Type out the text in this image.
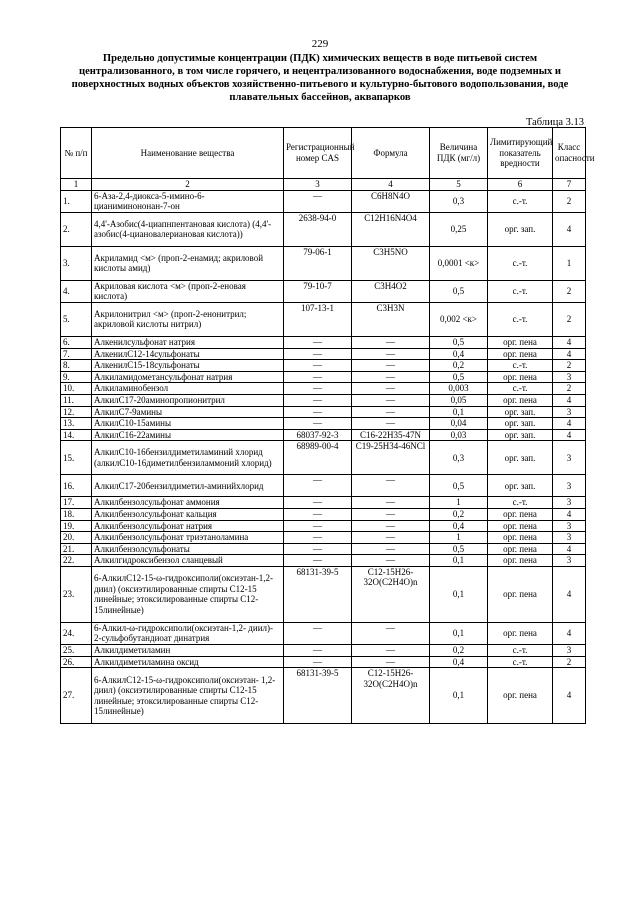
229
Предельно допустимые концентрации (ПДК) химических веществ в воде питьевой систем централизованного, в том числе горячего, и нецентрализованного водоснабжения, воде подземных и поверхностных водных объектов хозяйственно-питьевого и культурно-бытового водопользования, воде плавательных бассейнов, аквапарков
Таблица 3.13
№ п/п	Наименование вещества	Регистрационный номер CAS	Формула	Величина ПДК (мг/л)	Лимитирующий показатель вредности	Класс опасности
1	2	3	4	5	6	7
1.	6-Аза-2,4-диокса-5-имино-6-цианиминононан-7-он	—	C6H8N4O	0,3	с.-т.	2
2.	4,4'-Азобис(4-циапнпентановая кислота) (4,4'- азобис(4-циановалериановая кислота))	2638-94-0	C12H16N4O4	0,25	орг. зап.	4
3.	Акриламид <м> (проп-2-енамид; акриловой кислоты амид)	79-06-1	C3H5NO	0,0001 <к>	с.-т.	1
4.	Акриловая кислота <м> (проп-2-еновая кислота)	79-10-7	C3H4O2	0,5	с.-т.	2
5.	Акрилонитрил <м> (проп-2-енонитрил; акриловой кислоты нитрил)	107-13-1	C3H3N	0,002 <к>	с.-т.	2
6.	Алкенилсульфонат натрия	—	—	0,5	орг. пена	4
7.	АлкенилС12-14сульфонаты	—	—	0,4	орг. пена	4
8.	АлкенилС15-18сульфонаты	—	—	0,2	с.-т.	2
9.	Алкиламидометансульфонат натрия	—	—	0,5	орг. пена	3
10.	Алкиламинобензол	—	—	0,003	с.-т.	2
11.	АлкилС17-20аминопропионитрил	—	—	0,05	орг. пена	4
12.	АлкилС7-9амины	—	—	0,1	орг. зап.	3
13.	АлкилС10-15амины	—	—	0,04	орг. зап.	4
14.	АлкилС16-22амины	68037-92-3	C16-22H35-47N	0,03	орг. зап.	4
15.	АлкилС10-16бензилдиметиламиний хлорид (алкилС10-16диметилбензиламмоний хлорид)	68989-00-4	C19-25H34-46NCl	0,3	орг. зап.	3
16.	АлкилС17-20бензилдиметил-аминийхлорид	—	—	0,5	орг. зап.	3
17.	Алкилбензолсульфонат аммония	—	—	1	с.-т.	3
18.	Алкилбензолсульфонат кальция	—	—	0,2	орг. пена	4
19.	Алкилбензолсульфонат натрия	—	—	0,4	орг. пена	3
20.	Алкилбензолсульфонат триэтаноламина	—	—	1	орг. пена	3
21.	Алкилбензолсульфонаты	—	—	0,5	орг. пена	4
22.	Алкилгидроксибензол сланцевый	—	—	0,1	орг. пена	3
23.	6-АлкилС12-15-ω-гидроксиполи(оксиэтан-1,2- диил) (оксиэтилированные спирты С12-15 линейные; этоксилированные спирты С12-15линейные)	68131-39-5	C12-15H26-32O(C2H4O)n	0,1	орг. пена	4
24.	6-Алкил-ω-гидроксиполи(оксиэтан-1,2- диил)- 2-сульфобутандиоат динатрия	—	—	0,1	орг. пена	4
25.	Алкилдиметиламин	—	—	0,2	с.-т.	3
26.	Алкилдиметиламина оксид	—	—	0,4	с.-т.	2
27.	6-АлкилС12-15-ω-гидроксиполи(оксиэтан- 1,2-диил) (оксиэтилированные спирты С12-15 линейные; этоксилированные спирты С12-15линейные)	68131-39-5	C12-15H26-32O(C2H4O)n	0,1	орг. пена	4
